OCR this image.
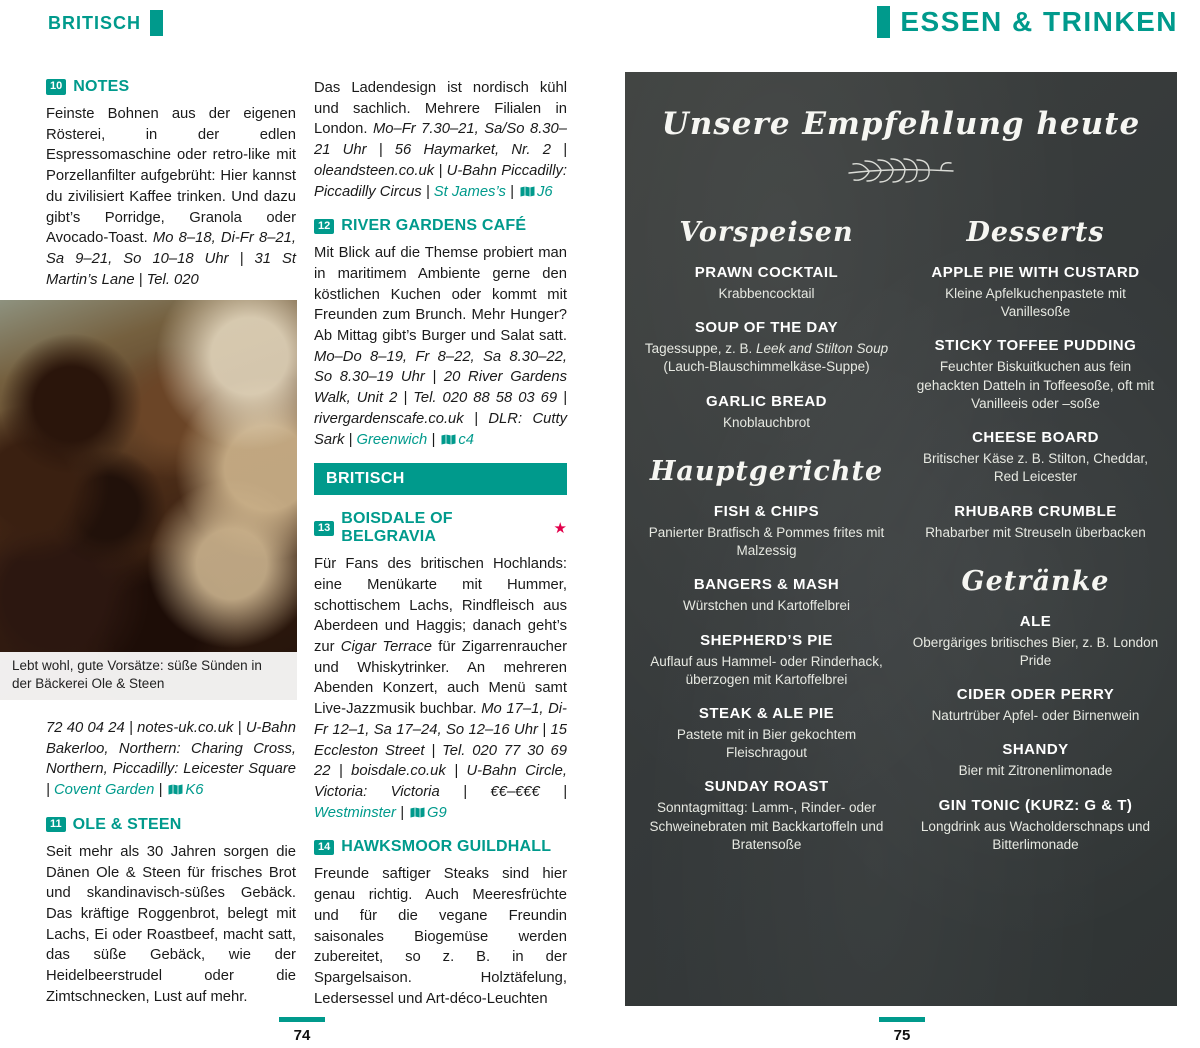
BRITISCH	ESSEN & TRINKEN
10 NOTES

Feinste Bohnen aus der eigenen Rösterei, in der edlen Espressomaschine oder retro-like mit Porzellanfilter aufgebrüht: Hier kannst du zivilisiert Kaffee trinken. Und dazu gibt’s Porridge, Granola oder Avocado-Toast. Mo 8–18, Di-Fr 8–21, Sa 9–21, So 10–18 Uhr | 31 St Martin’s Lane | Tel. 020

Lebt wohl, gute Vorsätze: süße Sünden in der Bäckerei Ole & Steen

72 40 04 24 | notes-uk.co.uk | U-Bahn Bakerloo, Northern: Charing Cross, Northern, Piccadilly: Leicester Square | Covent Garden | K6

11 OLE & STEEN

Seit mehr als 30 Jahren sorgen die Dänen Ole & Steen für frisches Brot und skandinavisch-süßes Gebäck. Das kräftige Roggenbrot, belegt mit Lachs, Ei oder Roastbeef, macht satt, das süße Gebäck, wie der Heidelbeerstrudel oder die Zimtschnecken, Lust auf mehr.

Das Ladendesign ist nordisch kühl und sachlich. Mehrere Filialen in London. Mo–Fr 7.30–21, Sa/So 8.30–21 Uhr | 56 Haymarket, Nr. 2 | oleandsteen.co.uk | U-Bahn Piccadilly: Piccadilly Circus | St James’s | J6

12 RIVER GARDENS CAFÉ

Mit Blick auf die Themse probiert man in maritimem Ambiente gerne den köstlichen Kuchen oder kommt mit Freunden zum Brunch. Mehr Hunger? Ab Mittag gibt’s Burger und Salat satt. Mo–Do 8–19, Fr 8–22, Sa 8.30–22, So 8.30–19 Uhr | 20 River Gardens Walk, Unit 2 | Tel. 020 88 58 03 69 | rivergardenscafe.co.uk | DLR: Cutty Sark | Greenwich | c4

BRITISCH
13
BOISDALE OF BELGRAVIA	★

Für Fans des britischen Hochlands: eine Menükarte mit Hummer, schottischem Lachs, Rindfleisch aus Aberdeen und Haggis; danach geht’s zur Cigar Terrace für Zigarrenraucher und Whiskytrinker. An mehreren Abenden Konzert, auch Menü samt Live-Jazzmusik buchbar. Mo 17–1, Di-Fr 12–1, Sa 17–24, So 12–16 Uhr | 15 Eccleston Street | Tel. 020 77 30 69 22 | boisdale.co.uk | U-Bahn Circle, Victoria: Victoria | €€–€€€ | Westminster | G9

14 HAWKSMOOR GUILDHALL

Freunde saftiger Steaks sind hier genau richtig. Auch Meeresfrüchte und für die vegane Freundin saisonales Biogemüse werden zubereitet, so z. B. in der Spargelsaison. Holztäfelung, Ledersessel und Art-déco-Leuchten

Unsere Empfehlung heute
Vorspeisen
PRAWN COCKTAIL
Krabbencocktail
SOUP OF THE DAY
Tagessuppe, z. B. Leek and Stilton Soup (Lauch-Blauschimmelkäse-Suppe)
GARLIC BREAD
Knoblauchbrot
Hauptgerichte
FISH & CHIPS
Panierter Bratfisch & Pommes frites mit Malzessig
BANGERS & MASH
Würstchen und Kartoffelbrei
SHEPHERD’S PIE
Auflauf aus Hammel- oder Rinderhack, überzogen mit Kartoffelbrei
STEAK & ALE PIE
Pastete mit in Bier gekochtem Fleischragout
SUNDAY ROAST
Sonntagmittag: Lamm-, Rinder- oder Schweinebraten mit Backkartoffeln und Bratensoße
Desserts
APPLE PIE WITH CUSTARD
Kleine Apfelkuchenpastete mit Vanillesoße
STICKY TOFFEE PUDDING
Feuchter Biskuitkuchen aus fein gehackten Datteln in Toffeesoße, oft mit Vanilleeis oder –soße
CHEESE BOARD
Britischer Käse z. B. Stilton, Cheddar, Red Leicester
RHUBARB CRUMBLE
Rhabarber mit Streuseln überbacken
Getränke
ALE
Obergäriges britisches Bier, z. B. London Pride
CIDER ODER PERRY
Naturtrüber Apfel- oder Birnenwein
SHANDY
Bier mit Zitronenlimonade
GIN TONIC (KURZ: G & T)
Longdrink aus Wacholderschnaps und Bitterlimonade
74	75
